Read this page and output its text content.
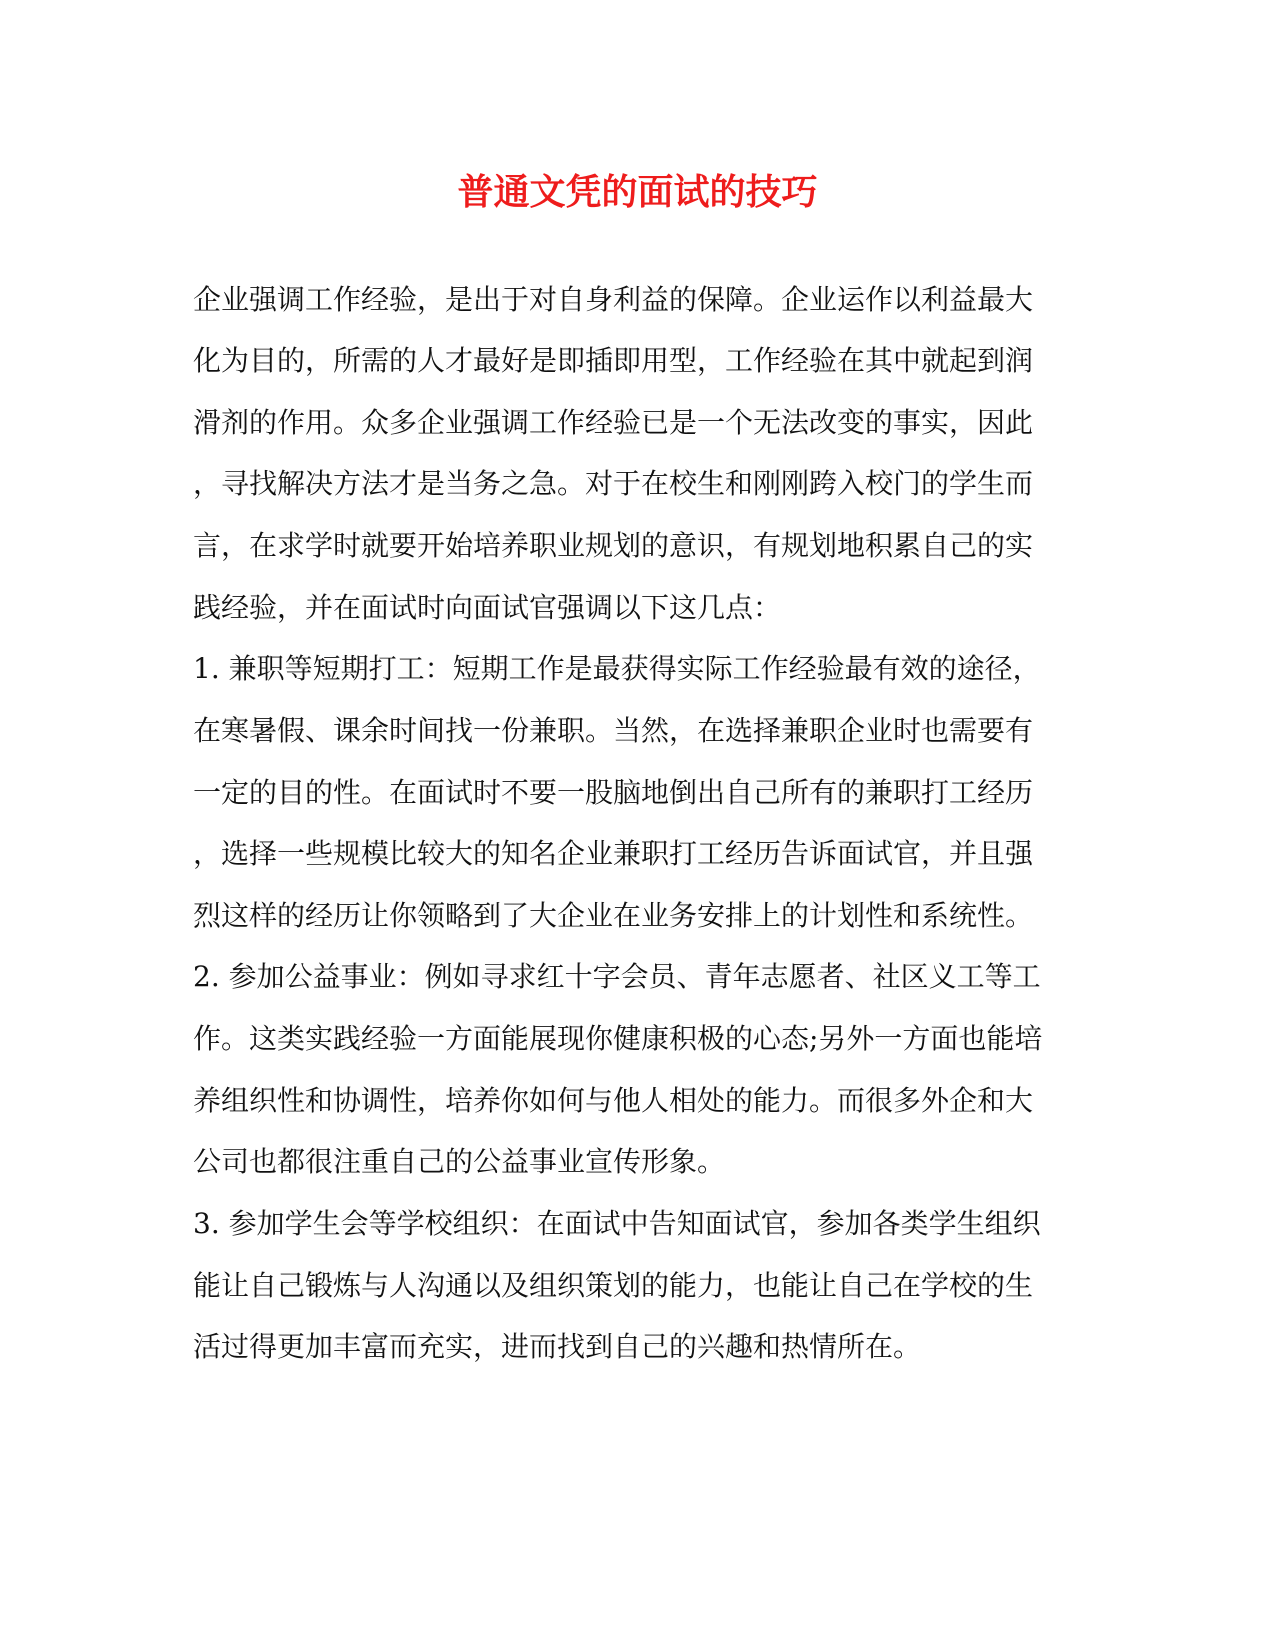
普通文凭的面试的技巧
企业强调工作经验，是出于对自身利益的保障。企业运作以利益最大
化为目的，所需的人才最好是即插即用型，工作经验在其中就起到润
滑剂的作用。众多企业强调工作经验已是一个无法改变的事实，因此
，寻找解决方法才是当务之急。对于在校生和刚刚跨入校门的学生而
言，在求学时就要开始培养职业规划的意识，有规划地积累自己的实
践经验，并在面试时向面试官强调以下这几点：
1. 兼职等短期打工：短期工作是最获得实际工作经验最有效的途径，
在寒暑假、课余时间找一份兼职。当然，在选择兼职企业时也需要有
一定的目的性。在面试时不要一股脑地倒出自己所有的兼职打工经历
，选择一些规模比较大的知名企业兼职打工经历告诉面试官，并且强
烈这样的经历让你领略到了大企业在业务安排上的计划性和系统性。
2. 参加公益事业：例如寻求红十字会员、青年志愿者、社区义工等工
作。这类实践经验一方面能展现你健康积极的心态;另外一方面也能培
养组织性和协调性，培养你如何与他人相处的能力。而很多外企和大
公司也都很注重自己的公益事业宣传形象。
3. 参加学生会等学校组织：在面试中告知面试官，参加各类学生组织
能让自己锻炼与人沟通以及组织策划的能力，也能让自己在学校的生
活过得更加丰富而充实，进而找到自己的兴趣和热情所在。
